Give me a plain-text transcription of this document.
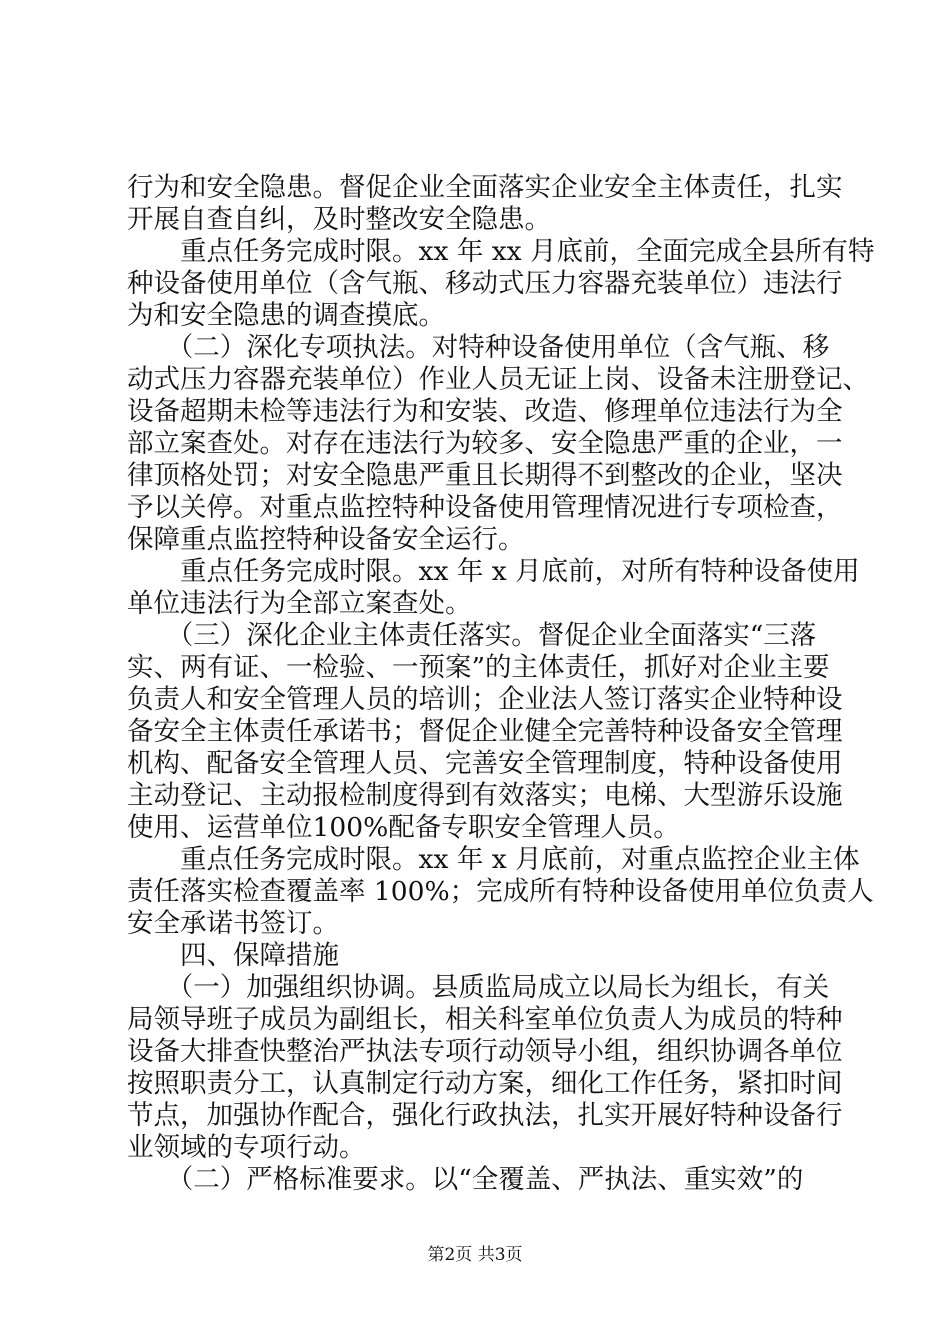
行为和安全隐患。督促企业全面落实企业安全主体责任，扎实
开展自查自纠，及时整改安全隐患。
　　重点任务完成时限。xx 年 xx 月底前，全面完成全县所有特
种设备使用单位（含气瓶、移动式压力容器充装单位）违法行
为和安全隐患的调查摸底。
　　（二）深化专项执法。对特种设备使用单位（含气瓶、移
动式压力容器充装单位）作业人员无证上岗、设备未注册登记、
设备超期未检等违法行为和安装、改造、修理单位违法行为全
部立案查处。对存在违法行为较多、安全隐患严重的企业，一
律顶格处罚；对安全隐患严重且长期得不到整改的企业，坚决
予以关停。对重点监控特种设备使用管理情况进行专项检查，
保障重点监控特种设备安全运行。
　　重点任务完成时限。xx 年 x 月底前，对所有特种设备使用
单位违法行为全部立案查处。
　　（三）深化企业主体责任落实。督促企业全面落实“三落
实、两有证、一检验、一预案”的主体责任，抓好对企业主要
负责人和安全管理人员的培训；企业法人签订落实企业特种设
备安全主体责任承诺书；督促企业健全完善特种设备安全管理
机构、配备安全管理人员、完善安全管理制度，特种设备使用
主动登记、主动报检制度得到有效落实；电梯、大型游乐设施
使用、运营单位100%配备专职安全管理人员。
　　重点任务完成时限。xx 年 x 月底前，对重点监控企业主体
责任落实检查覆盖率 100%；完成所有特种设备使用单位负责人
安全承诺书签订。
　　四、保障措施
　　（一）加强组织协调。县质监局成立以局长为组长，有关
局领导班子成员为副组长，相关科室单位负责人为成员的特种
设备大排查快整治严执法专项行动领导小组，组织协调各单位
按照职责分工，认真制定行动方案，细化工作任务，紧扣时间
节点，加强协作配合，强化行政执法，扎实开展好特种设备行
业领域的专项行动。
第2页 共3页
　　（二）严格标准要求。以“全覆盖、严执法、重实效”的
